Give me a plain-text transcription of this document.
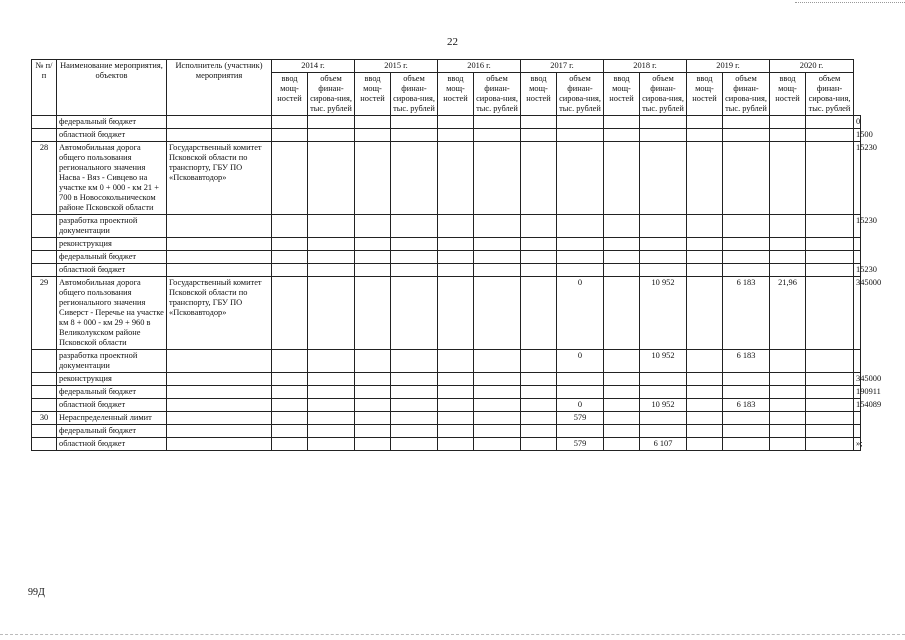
22
№ п/п	Наименование мероприятия, объектов	Исполнитель (участник) мероприятия	2014 г.		2015 г.		2016 г.		2017 г.		2018 г.		2019 г.		2020 г.		
			ввод мощ-ностей	объем финан-сирова-ния, тыс. рублей	ввод мощ-ностей	объем финан-сирова-ния, тыс. рублей	ввод мощ-ностей	объем финан-сирова-ния, тыс. рублей	ввод мощ-ностей	объем финан-сирова-ния, тыс. рублей	ввод мощ-ностей	объем финан-сирова-ния, тыс. рублей	ввод мощ-ностей	объем финан-сирова-ния, тыс. рублей	ввод мощ-ностей	объем финан-сирова-ния, тыс. рублей	
	федеральный бюджет																0
	областной бюджет																1500
28	Автомобильная дорога общего пользования регионального значения Насва - Вяз - Сивцево на участке км 0 + 000 - км 21 + 700 в Новосокольническом районе Псковской области	Государственный комитет Псковской области по транспорту, ГБУ ПО «Псковавтодор»															15230
	разработка проектной документации																15230
	реконструкция																
	федеральный бюджет																
	областной бюджет																15230
29	Автомобильная дорога общего пользования регионального значения Сиверст - Перечье на участке км 8 + 000 - км 29 + 960 в Великолукском районе Псковской области	Государственный комитет Псковской области по транспорту, ГБУ ПО «Псковавтодор»								0		10 952		6 183	21,96		345000
	разработка проектной документации									0		10 952		6 183			
	реконструкция																345000
	федеральный бюджет																190911
	областной бюджет									0		10 952		6 183			154089
30	Нераспределенный лимит									579							
	федеральный бюджет																
	областной бюджет									579		6 107					»;
99Д
